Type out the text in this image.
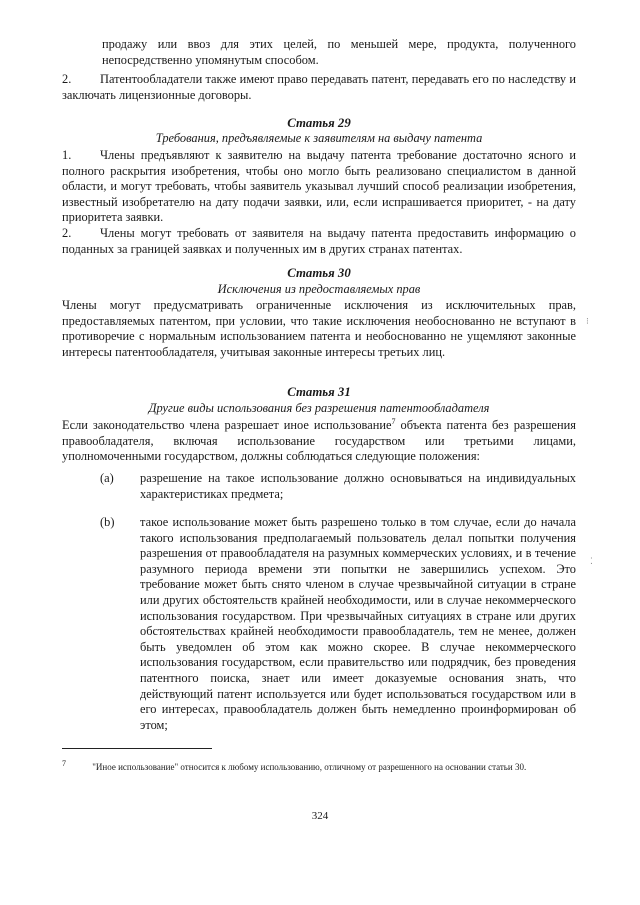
продажу или ввоз для этих целей, по меньшей мере, продукта, полученного непосредственно упомянутым способом.
2. Патентообладатели также имеют право передавать патент, передавать его по наследству и заключать лицензионные договоры.
Статья 29
Требования, предъявляемые к заявителям на выдачу патента
1. Члены предъявляют к заявителю на выдачу патента требование достаточно ясного и полного раскрытия изобретения, чтобы оно могло быть реализовано специалистом в данной области, и могут требовать, чтобы заявитель указывал лучший способ реализации изобретения, известный изобретателю на дату подачи заявки, или, если испрашивается приоритет, - на дату приоритета заявки.
2. Члены могут требовать от заявителя на выдачу патента предоставить информацию о поданных за границей заявках и полученных им в других странах патентах.
Статья 30
Исключения из предоставляемых прав
Члены могут предусматривать ограниченные исключения из исключительных прав, предоставляемых патентом, при условии, что такие исключения необоснованно не вступают в противоречие с нормальным использованием патента и необоснованно не ущемляют законные интересы патентообладателя, учитывая законные интересы третьих лиц.
⁝
⁚
Статья 31
Другие виды использования без разрешения патентообладателя
Если законодательство члена разрешает иное использование$^7$ объекта патента без разрешения правообладателя, включая использование государством или третьими лицами, уполномоченными государством, должны соблюдаться следующие положения:
(a) разрешение на такое использование должно основываться на индивидуальных характеристиках предмета;
(b) такое использование может быть разрешено только в том случае, если до начала такого использования предполагаемый пользователь делал попытки получения разрешения от правообладателя на разумных коммерческих условиях, и в течение разумного периода времени эти попытки не завершились успехом. Это требование может быть снято членом в случае чрезвычайной ситуации в стране или других обстоятельств крайней необходимости, или в случае некоммерческого использования государством. При чрезвычайных ситуациях в стране или других обстоятельствах крайней необходимости правообладатель, тем не менее, должен быть уведомлен об этом как можно скорее. В случае некоммерческого использования государством, если правительство или подрядчик, без проведения патентного поиска, знает или имеет доказуемые основания знать, что действующий патент используется или будет использоваться государством или в его интересах, правообладатель должен быть немедленно проинформирован об этом;
7	"Иное использование" относится к любому использованию, отличному от разрешенного на основании статьи 30.
324
